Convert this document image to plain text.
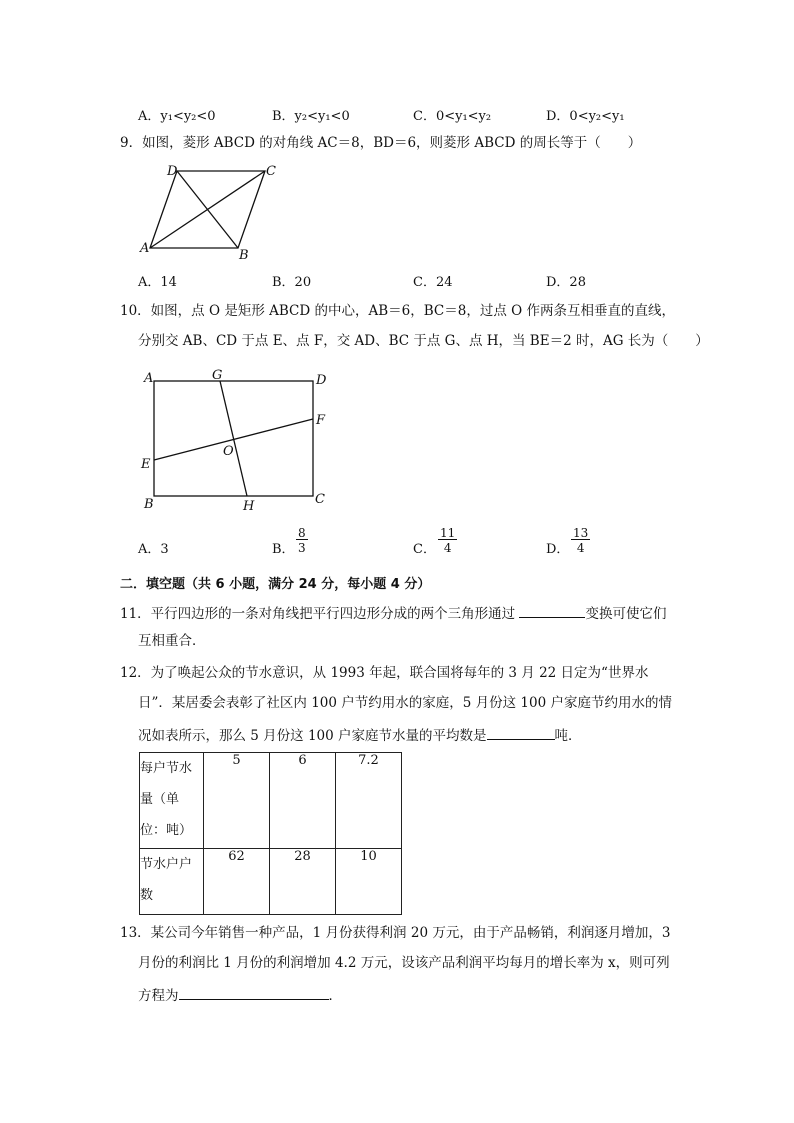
A．y₁<y₂<0	B．y₂<y₁<0	C．0<y₁<y₂	D．0<y₂<y₁
9．如图，菱形 ABCD 的对角线 AC＝8，BD＝6，则菱形 ABCD 的周长等于（　　）
D	C
A	B
A．14	B．20	C．24	D．28
10．如图，点 O 是矩形 ABCD 的中心，AB＝6，BC＝8，过点 O 作两条互相垂直的直线，
分别交 AB、CD 于点 E、点 F，交 AD、BC 于点 G、点 H，当 BE＝2 时，AG 长为（　　）
A	G	D
F
O
E
B	H	C
A．3	B． $\frac{8}{3}$	C． $\frac{11}{4}$	D． $\frac{13}{4}$
二．填空题（共 6 小题，满分 24 分，每小题 4 分）
11．平行四边形的一条对角线把平行四边形分成的两个三角形通过	变换可使它们
互相重合．
12．为了唤起公众的节水意识，从 1993 年起，联合国将每年的 3 月 22 日定为“世界水
日”．某居委会表彰了社区内 100 户节约用水的家庭，5 月份这 100 户家庭节约用水的情
况如表所示，那么 5 月份这 100 户家庭节水量的平均数是	吨．
每户节水量（单位：吨）	5	6	7.2
节水户户数	62	28	10
13．某公司今年销售一种产品，1 月份获得利润 20 万元，由于产品畅销，利润逐月增加，3
月份的利润比 1 月份的利润增加 4.2 万元，设该产品利润平均每月的增长率为 x，则可列
方程为	．
